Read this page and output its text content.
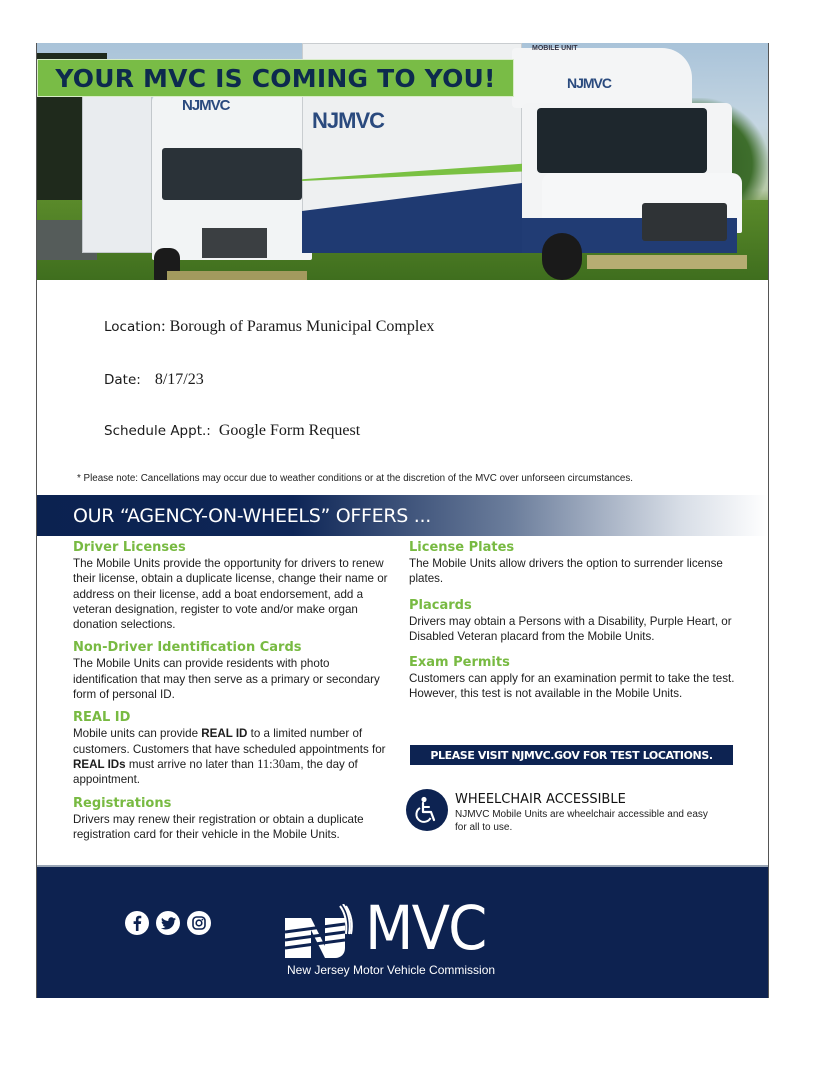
NJMVC
NJMVC
MOBILE UNIT
NJMVC
YOUR MVC IS COMING TO YOU!
Location: Borough of Paramus Municipal Complex
Date: 8/17/23
Schedule Appt.: Google Form Request
* Please note: Cancellations may occur due to weather conditions or at the discretion of the MVC over unforseen circumstances.
OUR “AGENCY-ON-WHEELS” OFFERS ...
Driver Licenses

The Mobile Units provide the opportunity for drivers to renew their license, obtain a duplicate license, change their name or address on their license, add a boat endorsement, add a veteran designation, register to vote and/or make organ donation selections.

Non-Driver Identification Cards

The Mobile Units can provide residents with photo identification that may then serve as a primary or secondary form of personal ID.

REAL ID

Mobile units can provide REAL ID to a limited number of customers. Customers that have scheduled appointments for REAL IDs must arrive no later than 11:30am, the day of appointment.

Registrations

Drivers may renew their registration or obtain a duplicate registration card for their vehicle in the Mobile Units.

License Plates

The Mobile Units allow drivers the option to surrender license plates.

Placards

Drivers may obtain a Persons with a Disability, Purple Heart, or Disabled Veteran placard from the Mobile Units.

Exam Permits

Customers can apply for an examination permit to take the test. However, this test is not available in the Mobile Units.

PLEASE VISIT NJMVC.GOV FOR TEST LOCATIONS.
WHEELCHAIR ACCESSIBLE
NJMVC Mobile Units are wheelchair accessible and easy for all to use.
MVC
New Jersey Motor Vehicle Commission
